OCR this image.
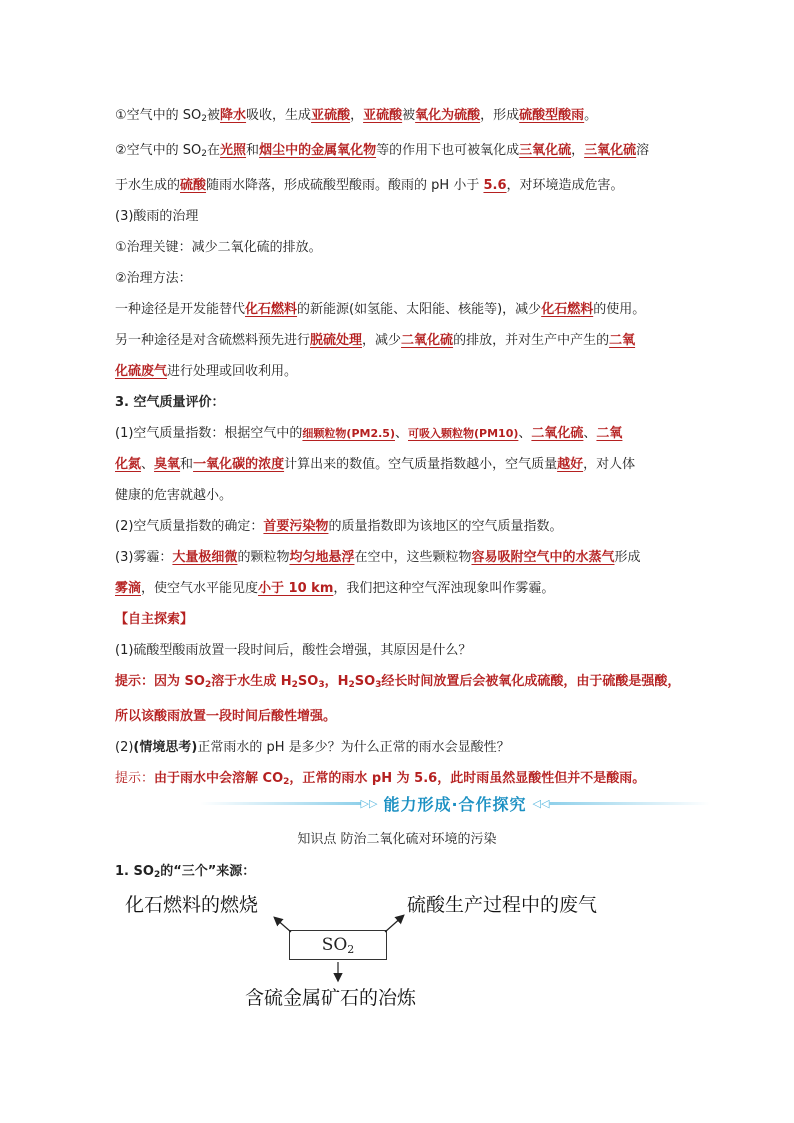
①空气中的 $SO_2$被降水吸收，生成亚硫酸，亚硫酸被氧化为硫酸，形成硫酸型酸雨。
②空气中的 $SO_2$在光照和烟尘中的金属氧化物等的作用下也可被氧化成三氧化硫，三氧化硫溶
于水生成的硫酸随雨水降落，形成硫酸型酸雨。酸雨的 pH 小于 5.6，对环境造成危害。
(3)酸雨的治理
①治理关键：减少二氧化硫的排放。
②治理方法：
一种途径是开发能替代化石燃料的新能源(如氢能、太阳能、核能等)，减少化石燃料的使用。
另一种途径是对含硫燃料预先进行脱硫处理，减少二氧化硫的排放，并对生产中产生的二氧
化硫废气进行处理或回收利用。
3. 空气质量评价：
(1)空气质量指数：根据空气中的细颗粒物(PM2.5)、可吸入颗粒物(PM10)、二氧化硫、二氧
化氮、臭氧和一氧化碳的浓度计算出来的数值。空气质量指数越小，空气质量越好，对人体
健康的危害就越小。
(2)空气质量指数的确定：首要污染物的质量指数即为该地区的空气质量指数。
(3)雾霾：大量极细微的颗粒物均匀地悬浮在空中，这些颗粒物容易吸附空气中的水蒸气形成
雾滴，使空气水平能见度小于 10 km，我们把这种空气浑浊现象叫作雾霾。
【自主探索】
(1)硫酸型酸雨放置一段时间后，酸性会增强，其原因是什么？
提示：因为 $SO_2$溶于水生成 $H_2SO_3$，$H_2SO_3$经长时间放置后会被氧化成硫酸，由于硫酸是强酸，
所以该酸雨放置一段时间后酸性增强。
(2)(情境思考)正常雨水的 pH 是多少？为什么正常的雨水会显酸性？
提示：由于雨水中会溶解 $CO_2$，正常的雨水 pH 为 5.6，此时雨虽然显酸性但并不是酸雨。
▷▷ 能力形成·合作探究 ◁◁
知识点 防治二氧化硫对环境的污染
1. $SO_2$的“三个”来源：
化石燃料的燃烧	硫酸生产过程中的废气
$SO_2$
含硫金属矿石的冶炼
